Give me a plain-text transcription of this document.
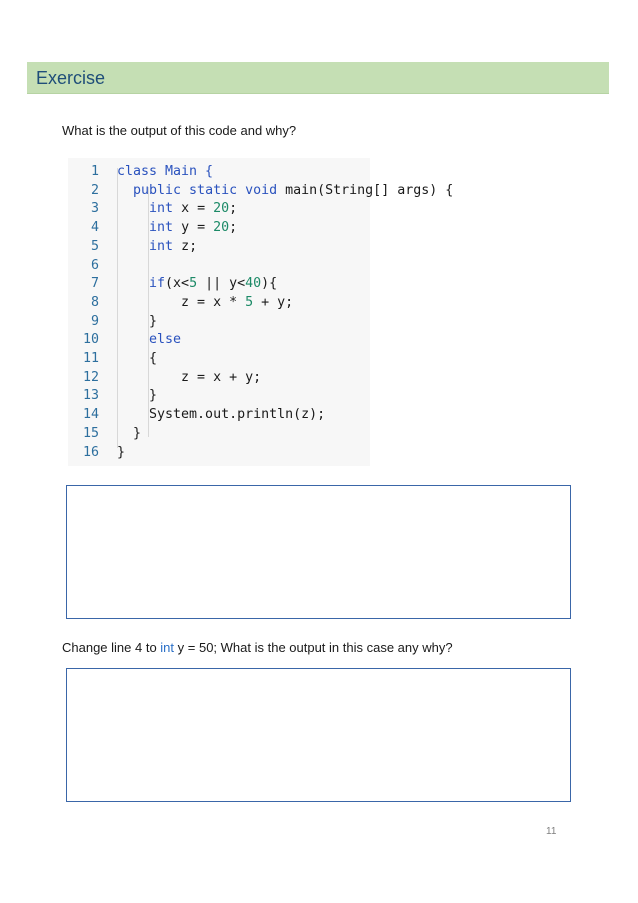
Exercise
What is the output of this code and why?
1 class Main {
2	public static void main(String[] args) {
3	int x = 20;
4	int y = 20;
5	int z;
6
7	if(x<5 || y<40){
8 z = x * 5 + y;
9 }
10	else
11 {
12 z = x + y;
13 }
14 System.out.println(z);
15 }
16 }
Change line 4 to int y = 50; What is the output in this case any why?
11
